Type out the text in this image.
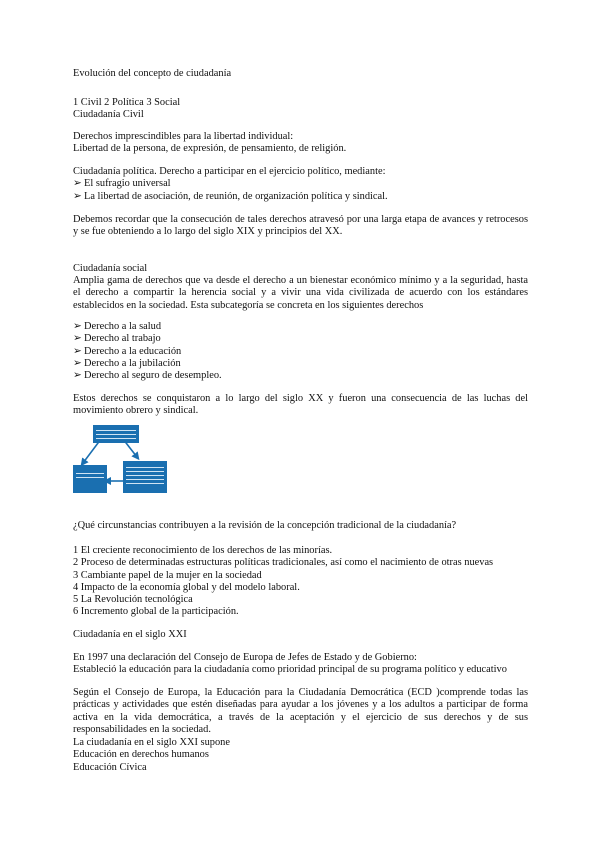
Evolución del concepto de ciudadanía
1 Civil 2 Política 3 Social
Ciudadanía Civil
Derechos imprescindibles para la libertad individual:
Libertad de la persona, de expresión, de pensamiento, de religión.
Ciudadanía política. Derecho a participar en el ejercicio político, mediante:
➢ El sufragio universal
➢ La libertad de asociación, de reunión, de organización política y sindical.
Debemos recordar que la consecución de tales derechos atravesó por una larga etapa de avances y retrocesos y se fue obteniendo a lo largo del siglo XIX y principios del XX.
Ciudadanía social
Amplia gama de derechos que va desde el derecho a un bienestar económico mínimo y a la seguridad, hasta el derecho a compartir la herencia social y a vivir una vida civilizada de acuerdo con los estándares establecidos en la sociedad. Esta subcategoría se concreta en los siguientes derechos
➢ Derecho a la salud
➢ Derecho al trabajo
➢ Derecho a la educación
➢ Derecho a la jubilación
➢ Derecho al seguro de desempleo.
Estos derechos se conquistaron a lo largo del siglo XX y fueron una consecuencia de las luchas del movimiento obrero y sindical.
¿Qué circunstancias contribuyen a la revisión de la concepción tradicional de la ciudadanía?
1 El creciente reconocimiento de los derechos de las minorías.
2 Proceso de determinadas estructuras políticas tradicionales, así como el nacimiento de otras nuevas
3 Cambiante papel de la mujer en la sociedad
4 Impacto de la economía global y del modelo laboral.
5 La Revolución tecnológica
6 Incremento global de la participación.
Ciudadanía en el siglo XXI
En 1997 una declaración del Consejo de Europa de Jefes de Estado y de Gobierno:
Estableció la educación para la ciudadanía como prioridad principal de su programa político y educativo
Según el Consejo de Europa, la Educación para la Ciudadanía Democrática (ECD )comprende todas las prácticas y actividades que estén diseñadas para ayudar a los jóvenes y a los adultos a participar de forma activa en la vida democrática, a través de la aceptación y el ejercicio de sus derechos y de sus responsabilidades en la sociedad.
La ciudadanía en el siglo XXI supone
Educación en derechos humanos
Educación Cívica
